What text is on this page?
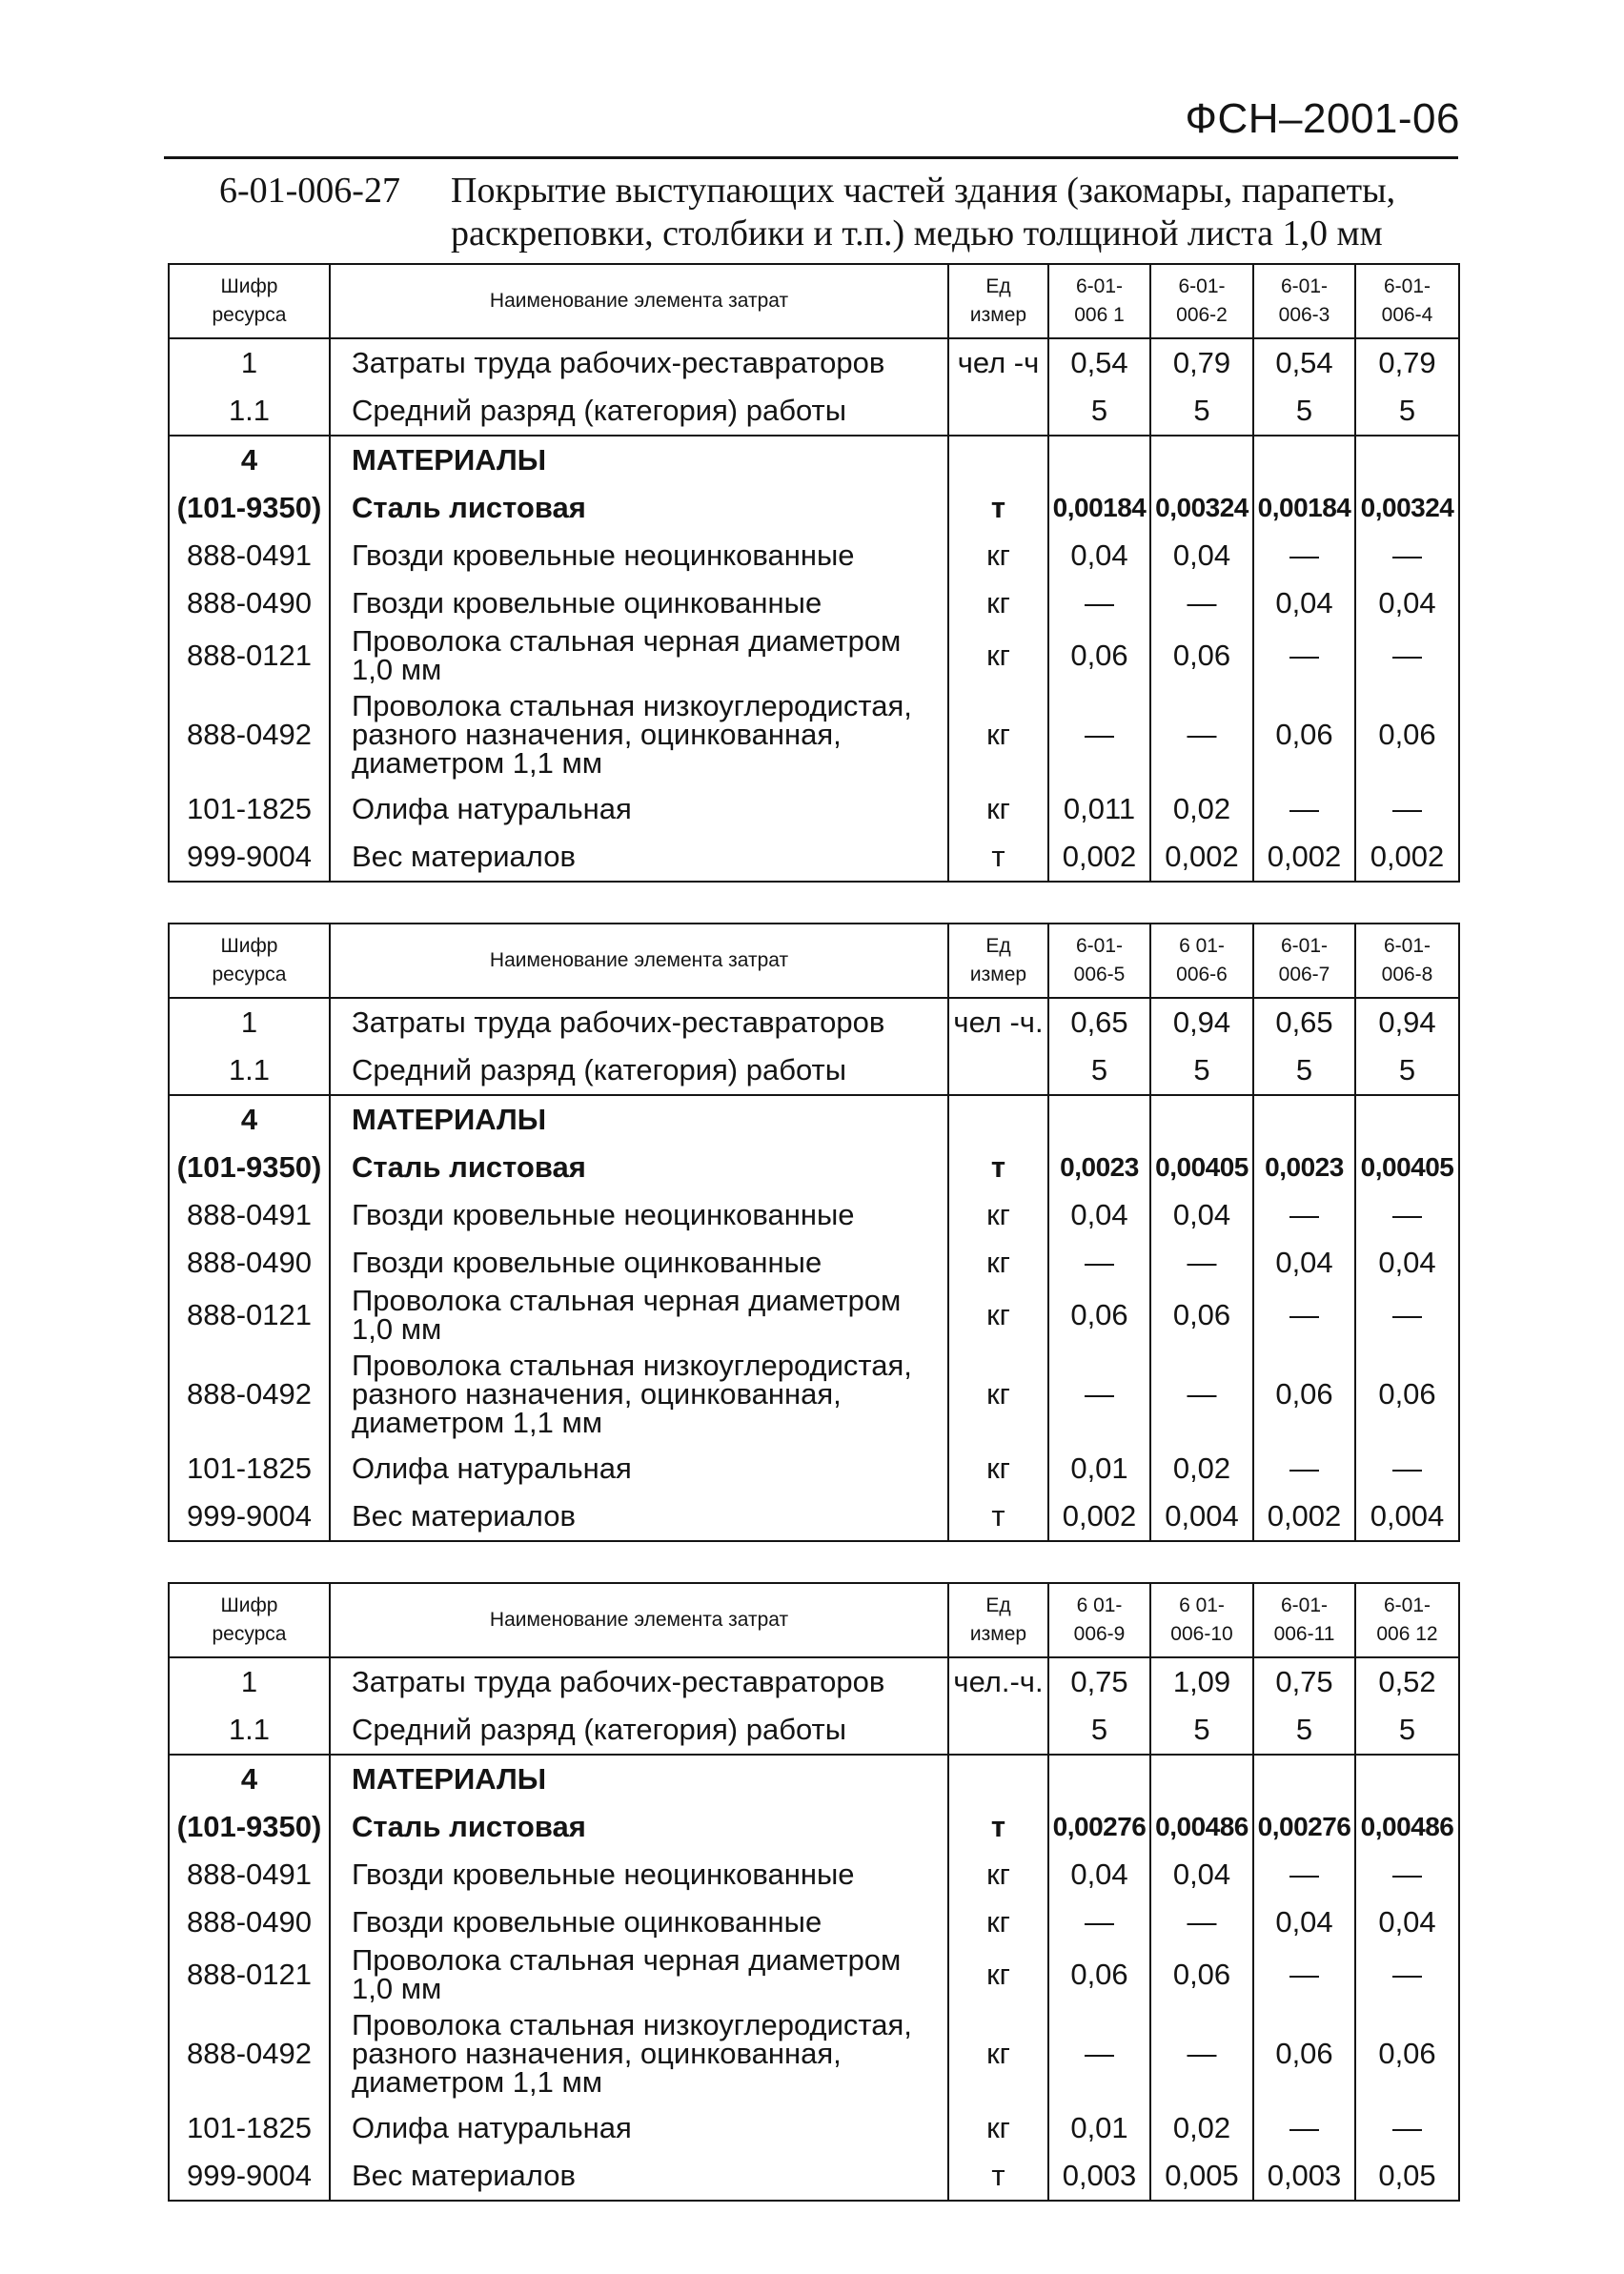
ФСН–2001-06
6-01-006-27 Покрытие выступающих частей здания (закомары, парапеты, раскреповки, столбики и т.п.) медью толщиной листа 1,0 мм
Шифр ресурса	Наименование элемента затрат	Ед измер	6-01-006 1	6-01-006-2	6-01-006-3	6-01-006-4
1	Затраты труда рабочих-реставраторов	чел -ч	0,54	0,79	0,54	0,79
1.1	Средний разряд (категория) работы		5	5	5	5
4	МАТЕРИАЛЫ					
(101-9350)	Сталь листовая	т	0,00184	0,00324	0,00184	0,00324
888-0491	Гвозди кровельные неоцинкованные	кг	0,04	0,04	—	—
888-0490	Гвозди кровельные оцинкованные	кг	—	—	0,04	0,04
888-0121	Проволока стальная черная диаметром 1,0 мм	кг	0,06	0,06	—	—
888-0492	Проволока стальная низкоуглеродистая, разного назначения, оцинкованная, диаметром 1,1 мм	кг	—	—	0,06	0,06
101-1825	Олифа натуральная	кг	0,011	0,02	—	—
999-9004	Вес материалов	т	0,002	0,002	0,002	0,002
Шифр ресурса	Наименование элемента затрат	Ед измер	6-01-006-5	6 01-006-6	6-01-006-7	6-01-006-8
1	Затраты труда рабочих-реставраторов	чел -ч.	0,65	0,94	0,65	0,94
1.1	Средний разряд (категория) работы		5	5	5	5
4	МАТЕРИАЛЫ					
(101-9350)	Сталь листовая	т	0,0023	0,00405	0,0023	0,00405
888-0491	Гвозди кровельные неоцинкованные	кг	0,04	0,04	—	—
888-0490	Гвозди кровельные оцинкованные	кг	—	—	0,04	0,04
888-0121	Проволока стальная черная диаметром 1,0 мм	кг	0,06	0,06	—	—
888-0492	Проволока стальная низкоуглеродистая, разного назначения, оцинкованная, диаметром 1,1 мм	кг	—	—	0,06	0,06
101-1825	Олифа натуральная	кг	0,01	0,02	—	—
999-9004	Вес материалов	т	0,002	0,004	0,002	0,004
Шифр ресурса	Наименование элемента затрат	Ед измер	6 01-006-9	6 01-006-10	6-01-006-11	6-01-006 12
1	Затраты труда рабочих-реставраторов	чел.-ч.	0,75	1,09	0,75	0,52
1.1	Средний разряд (категория) работы		5	5	5	5
4	МАТЕРИАЛЫ					
(101-9350)	Сталь листовая	т	0,00276	0,00486	0,00276	0,00486
888-0491	Гвозди кровельные неоцинкованные	кг	0,04	0,04	—	—
888-0490	Гвозди кровельные оцинкованные	кг	—	—	0,04	0,04
888-0121	Проволока стальная черная диаметром 1,0 мм	кг	0,06	0,06	—	—
888-0492	Проволока стальная низкоуглеродистая, разного назначения, оцинкованная, диаметром 1,1 мм	кг	—	—	0,06	0,06
101-1825	Олифа натуральная	кг	0,01	0,02	—	—
999-9004	Вес материалов	т	0,003	0,005	0,003	0,05
